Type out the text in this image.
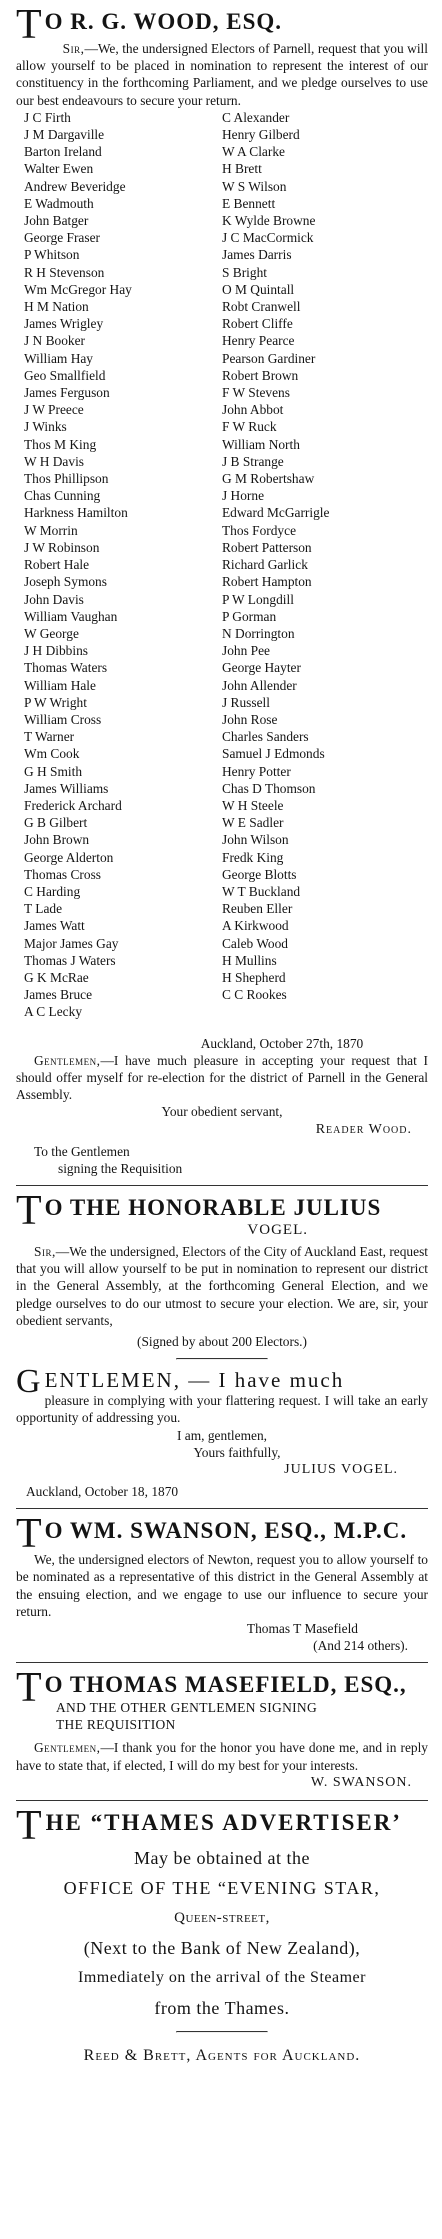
T O R. G. WOOD, ESQ.

Sir,—We, the undersigned Electors of Parnell, request that you will allow yourself to be placed in nomination to represent the interest of our constituency in the forthcoming Parliament, and we pledge ourselves to use our best endeavours to secure your return.

J C Firth
J M Dargaville
Barton Ireland
Walter Ewen
Andrew Beveridge
E Wadmouth
John Batger
George Fraser
P Whitson
R H Stevenson
Wm McGregor Hay
H M Nation
James Wrigley
J N Booker
William Hay
Geo Smallfield
James Ferguson
J W Preece
J Winks
Thos M King
W H Davis
Thos Phillipson
Chas Cunning
Harkness Hamilton
W Morrin
J W Robinson
Robert Hale
Joseph Symons
John Davis
William Vaughan
W George
J H Dibbins
Thomas Waters
William Hale
P W Wright
William Cross
T Warner
Wm Cook
G H Smith
James Williams
Frederick Archard
G B Gilbert
John Brown
George Alderton
Thomas Cross
C Harding
T Lade
James Watt
Major James Gay
Thomas J Waters
G K McRae
James Bruce
A C Lecky
C Alexander
Henry Gilberd
W A Clarke
H Brett
W S Wilson
E Bennett
K Wylde Browne
J C MacCormick
James Darris
S Bright
O M Quintall
Robt Cranwell
Robert Cliffe
Henry Pearce
Pearson Gardiner
Robert Brown
F W Stevens
John Abbot
F W Ruck
William North
J B Strange
G M Robertshaw
J Horne
Edward McGarrigle
Thos Fordyce
Robert Patterson
Richard Garlick
Robert Hampton
P W Longdill
P Gorman
N Dorrington
John Pee
George Hayter
John Allender
J Russell
John Rose
Charles Sanders
Samuel J Edmonds
Henry Potter
Chas D Thomson
W H Steele
W E Sadler
John Wilson
Fredk King
George Blotts
W T Buckland
Reuben Eller
A Kirkwood
Caleb Wood
H Mullins
H Shepherd
C C Rookes
Auckland, October 27th, 1870

Gentlemen,—I have much pleasure in accepting your request that I should offer myself for re-election for the district of Parnell in the General Assembly.

Your obedient servant,
Reader Wood.
To the Gentlemen
signing the Requisition
T O THE HONORABLE JULIUS
VOGEL.

Sir,—We the undersigned, Electors of the City of Auckland East, request that you will allow yourself to be put in nomination to represent our district in the General Assembly, at the forthcoming General Election, and we pledge ourselves to do our utmost to secure your election. We are, sir, your obedient servants,

(Signed by about 200 Electors.)
GENTLEMEN, — I have much

pleasure in complying with your flattering request. I will take an early opportunity of addressing you.

I am, gentlemen,
Yours faithfully,
JULIUS VOGEL.
Auckland, October 18, 1870
T O WM. SWANSON, ESQ., M.P.C.

We, the undersigned electors of Newton, request you to allow yourself to be nominated as a representative of this district in the General Assembly at the ensuing election, and we engage to use our influence to secure your return.

Thomas T Masefield
(And 214 others).
T O THOMAS MASEFIELD, ESQ.,
AND THE OTHER GENTLEMEN SIGNING
THE REQUISITION

Gentlemen,—I thank you for the honor you have done me, and in reply have to state that, if elected, I will do my best for your interests.

W. SWANSON.
THE “THAMES ADVERTISER’
May be obtained at the
OFFICE OF THE “EVENING STAR,
Queen-street,
(Next to the Bank of New Zealand),
Immediately on the arrival of the Steamer
from the Thames.
Reed & Brett, Agents for Auckland.
